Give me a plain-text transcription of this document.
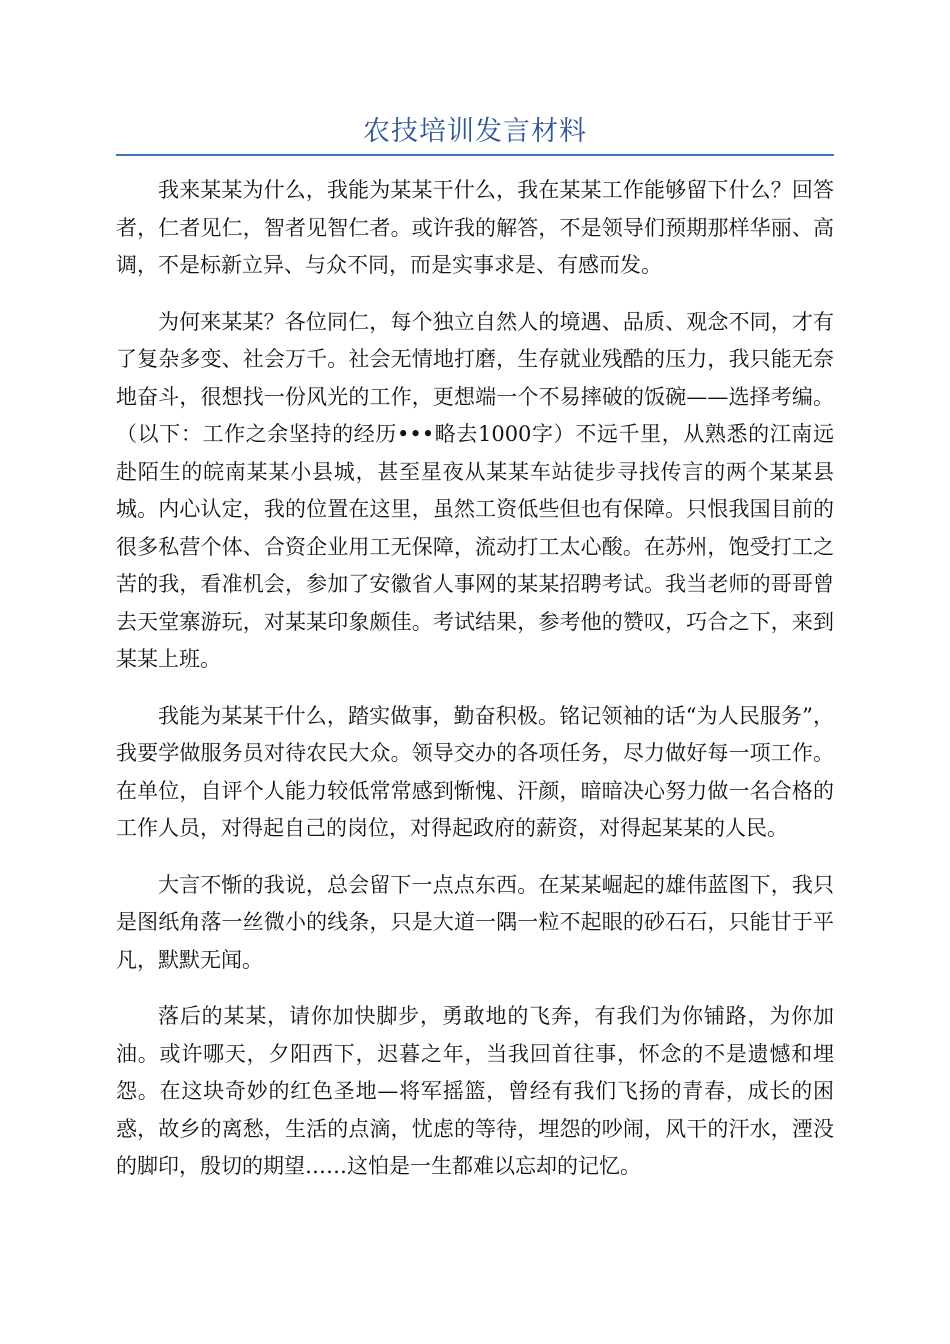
农技培训发言材料

我来某某为什么，我能为某某干什么，我在某某工作能够留下什么？回答者，仁者见仁，智者见智仁者。或许我的解答，不是领导们预期那样华丽、高调，不是标新立异、与众不同，而是实事求是、有感而发。

为何来某某？各位同仁，每个独立自然人的境遇、品质、观念不同，才有了复杂多变、社会万千。社会无情地打磨，生存就业残酷的压力，我只能无奈地奋斗，很想找一份风光的工作，更想端一个不易摔破的饭碗——选择考编。（以下：工作之余坚持的经历•••略去1000字）不远千里，从熟悉的江南远赴陌生的皖南某某小县城，甚至星夜从某某车站徒步寻找传言的两个某某县城。内心认定，我的位置在这里，虽然工资低些但也有保障。只恨我国目前的很多私营个体、合资企业用工无保障，流动打工太心酸。在苏州，饱受打工之苦的我，看准机会，参加了安徽省人事网的某某招聘考试。我当老师的哥哥曾去天堂寨游玩，对某某印象颇佳。考试结果，参考他的赞叹，巧合之下，来到某某上班。

我能为某某干什么，踏实做事，勤奋积极。铭记领袖的话“为人民服务”，我要学做服务员对待农民大众。领导交办的各项任务，尽力做好每一项工作。在单位，自评个人能力较低常常感到惭愧、汗颜，暗暗决心努力做一名合格的工作人员，对得起自己的岗位，对得起政府的薪资，对得起某某的人民。

大言不惭的我说，总会留下一点点东西。在某某崛起的雄伟蓝图下，我只是图纸角落一丝微小的线条，只是大道一隅一粒不起眼的砂石石，只能甘于平凡，默默无闻。

落后的某某，请你加快脚步，勇敢地的飞奔，有我们为你铺路，为你加油。或许哪天，夕阳西下，迟暮之年，当我回首往事，怀念的不是遗憾和埋怨。在这块奇妙的红色圣地—将军摇篮，曾经有我们飞扬的青春，成长的困惑，故乡的离愁，生活的点滴，忧虑的等待，埋怨的吵闹，风干的汗水，湮没的脚印，殷切的期望……这怕是一生都难以忘却的记忆。
